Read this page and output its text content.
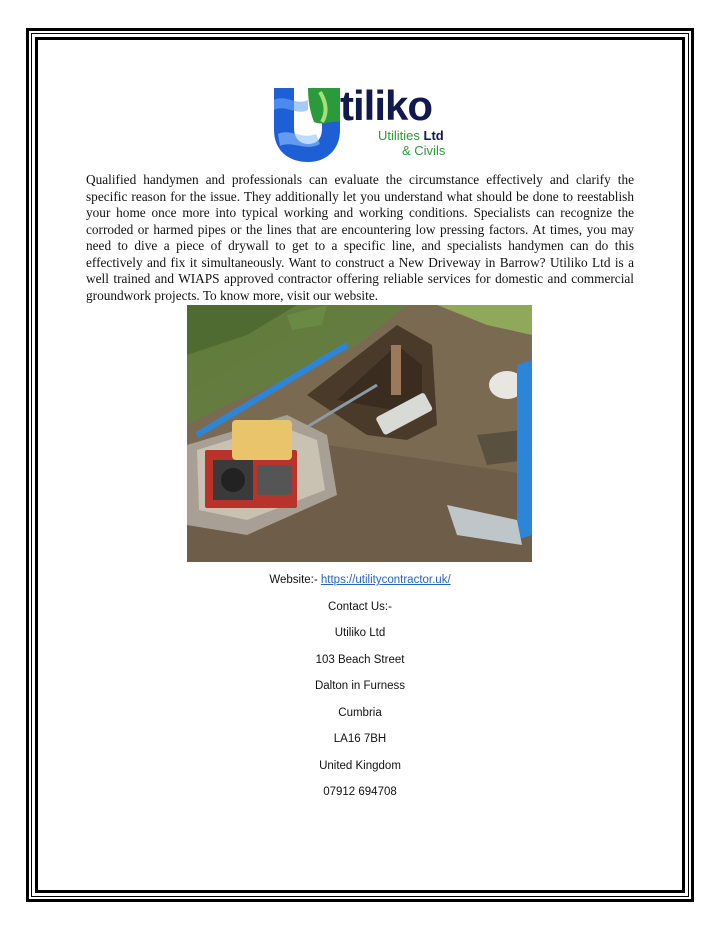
tiliko
Utilities Ltd
& Civils

Qualified handymen and professionals can evaluate the circumstance effectively and clarify the specific reason for the issue. They additionally let you understand what should be done to reestablish your home once more into typical working and working conditions. Specialists can recognize the corroded or harmed pipes or the lines that are encountering low pressing factors. At times, you may need to dive a piece of drywall to get to a specific line, and specialists handymen can do this effectively and fix it simultaneously. Want to construct a New Driveway in Barrow? Utiliko Ltd is a well trained and WIAPS approved contractor offering reliable services for domestic and commercial groundwork projects. To know more, visit our website.

Website:- https://utilitycontractor.uk/
Contact Us:-
Utiliko Ltd
103 Beach Street
Dalton in Furness
Cumbria
LA16 7BH
United Kingdom
07912 694708
